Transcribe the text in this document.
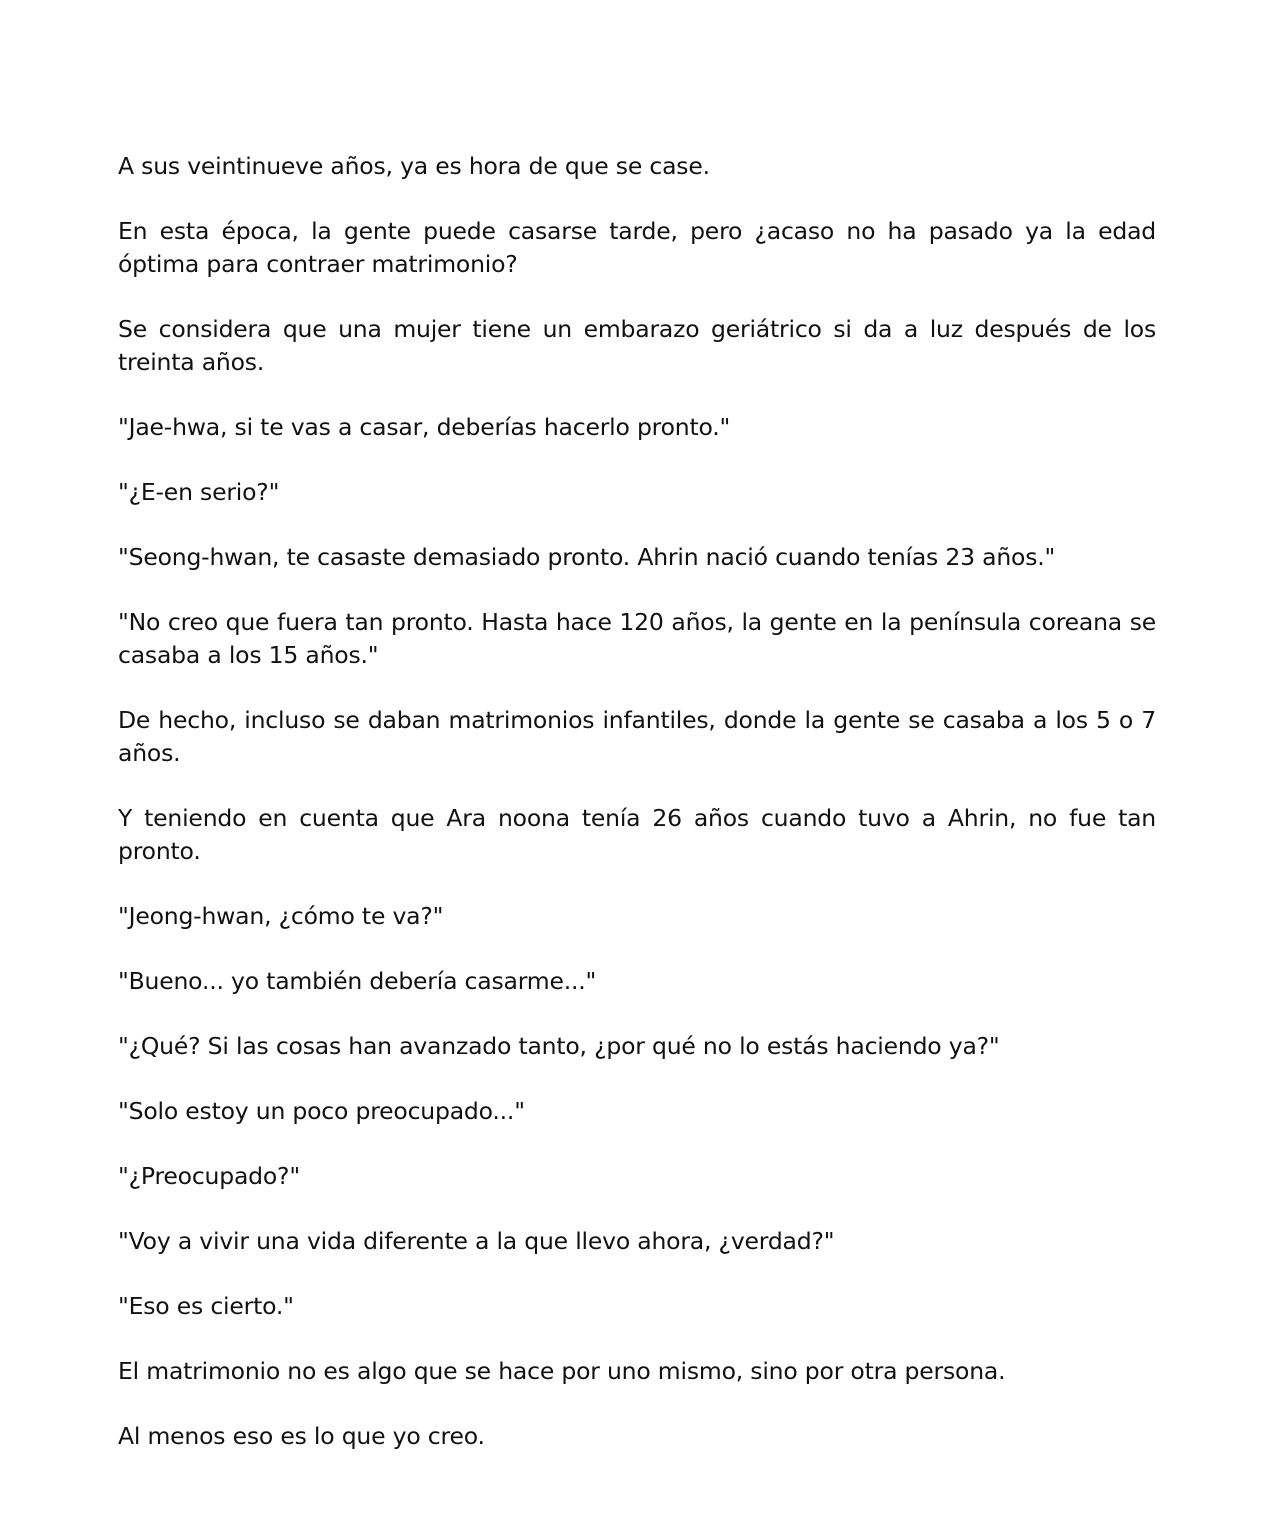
A sus veintinueve años, ya es hora de que se case.

En esta época, la gente puede casarse tarde, pero ¿acaso no ha pasado ya la edad óptima para contraer matrimonio?

Se considera que una mujer tiene un embarazo geriátrico si da a luz después de los treinta años.

"Jae-hwa, si te vas a casar, deberías hacerlo pronto."

"¿E-en serio?"

"Seong-hwan, te casaste demasiado pronto. Ahrin nació cuando tenías 23 años."

"No creo que fuera tan pronto. Hasta hace 120 años, la gente en la península coreana se casaba a los 15 años."

De hecho, incluso se daban matrimonios infantiles, donde la gente se casaba a los 5 o 7 años.

Y teniendo en cuenta que Ara noona tenía 26 años cuando tuvo a Ahrin, no fue tan pronto.

"Jeong-hwan, ¿cómo te va?"

"Bueno... yo también debería casarme..."

"¿Qué? Si las cosas han avanzado tanto, ¿por qué no lo estás haciendo ya?"

"Solo estoy un poco preocupado..."

"¿Preocupado?"

"Voy a vivir una vida diferente a la que llevo ahora, ¿verdad?"

"Eso es cierto."

El matrimonio no es algo que se hace por uno mismo, sino por otra persona.

Al menos eso es lo que yo creo.
